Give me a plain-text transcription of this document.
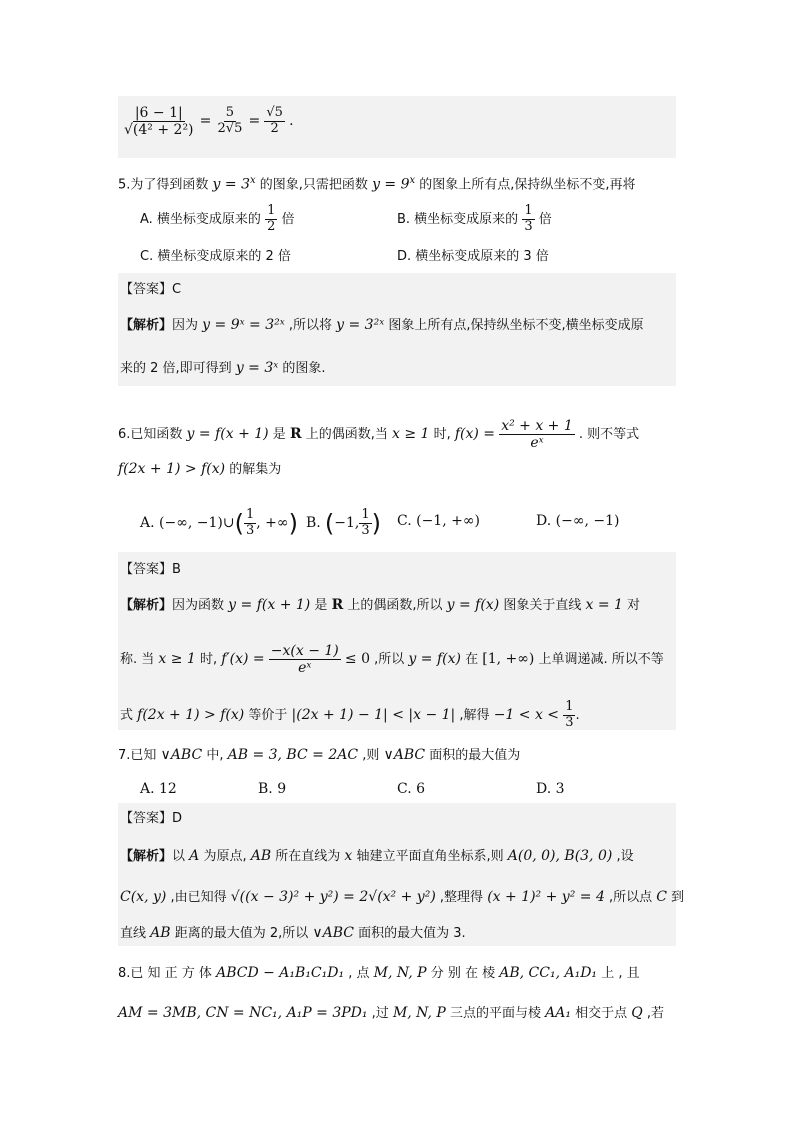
$\frac{|6 - 1|}{\text{√(4² + 2²)}} = \frac{5}{2√5} = \frac{√5}{2}$ .
5.为了得到函数 $y = 3^x$ 的图象,只需把函数 $y = 9^x$ 的图象上所有点,保持纵坐标不变,再将
A. 横坐标变成原来的 $\frac{1}{2}$ 倍	B. 横坐标变成原来的 $\frac{1}{3}$ 倍
C. 横坐标变成原来的 2 倍	D. 横坐标变成原来的 3 倍
【答案】C
【解析】因为 y = 9ˣ = 3²ˣ ,所以将 y = 3²ˣ 图象上所有点,保持纵坐标不变,横坐标变成原
来的 2 倍,即可得到 y = 3ˣ 的图象.
6.已知函数 y = f(x + 1) 是 R 上的偶函数,当 x ≥ 1 时, $f(x) = \frac{\text{x² + x + 1}}{\text{eˣ}}$ . 则不等式
f(2x + 1) > f(x) 的解集为
A. (−∞, −1)∪( $\frac{1}{3}$ , +∞) B. (−1, $\frac{1}{3}$ ) C. (−1, +∞)	D. (−∞, −1)
【答案】B
【解析】因为函数 y = f(x + 1) 是 R 上的偶函数,所以 y = f(x) 图象关于直线 x = 1 对
称. 当 x ≥ 1 时, $f'(x) = \frac{-x(x - 1)}{\text{eˣ}} \le 0$ ,所以 y = f(x) 在 [1, +∞) 上单调递减. 所以不等
式 f(2x + 1) > f(x) 等价于 |(2x + 1) − 1| < |x − 1| ,解得 $-1 < x < \frac{1}{3}$ .
7.已知 ∨ABC 中, AB = 3, BC = 2AC ,则 ∨ABC 面积的最大值为
A. 12	B. 9	C. 6	D. 3
【答案】D
【解析】以 A 为原点, AB 所在直线为 x 轴建立平面直角坐标系,则 A(0, 0), B(3, 0) ,设
C(x, y) ,由已知得 √((x − 3)² + y²) = 2√(x² + y²) ,整理得 (x + 1)² + y² = 4 ,所以点 C 到
直线 AB 距离的最大值为 2,所以 ∨ABC 面积的最大值为 3.
8.已 知 正 方 体 ABCD − A₁B₁C₁D₁ , 点 M, N, P 分 别 在 棱 AB, CC₁, A₁D₁ 上 , 且
AM = 3MB, CN = NC₁, A₁P = 3PD₁ ,过 M, N, P 三点的平面与棱 AA₁ 相交于点 Q ,若
